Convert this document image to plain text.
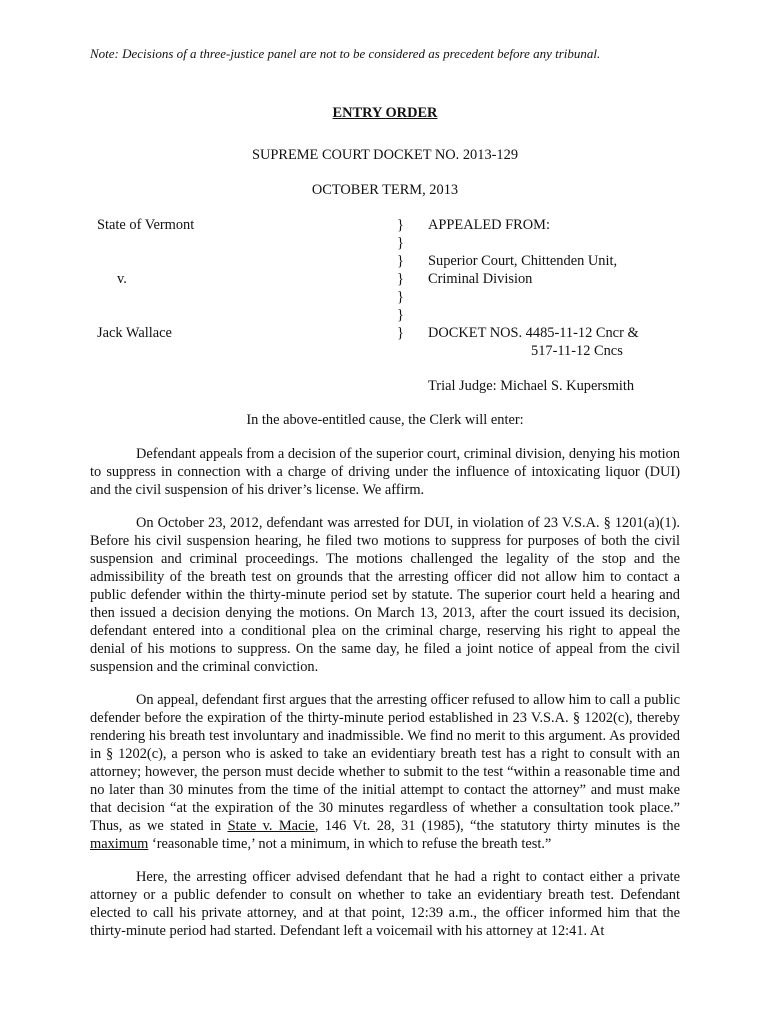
Note: Decisions of a three-justice panel are not to be considered as precedent before any tribunal.
ENTRY ORDER
SUPREME COURT DOCKET NO. 2013-129
OCTOBER TERM, 2013
State of Vermont
v.
Jack Wallace
}
}
}
}
}
}
}
APPEALED FROM:
Superior Court, Chittenden Unit,
Criminal Division
DOCKET NOS. 4485-11-12 Cncr &
517-11-12 Cncs
Trial Judge: Michael S. Kupersmith
In the above-entitled cause, the Clerk will enter:

Defendant appeals from a decision of the superior court, criminal division, denying his motion to suppress in connection with a charge of driving under the influence of intoxicating liquor (DUI) and the civil suspension of his driver’s license. We affirm.

On October 23, 2012, defendant was arrested for DUI, in violation of 23 V.S.A. § 1201(a)(1). Before his civil suspension hearing, he filed two motions to suppress for purposes of both the civil suspension and criminal proceedings. The motions challenged the legality of the stop and the admissibility of the breath test on grounds that the arresting officer did not allow him to contact a public defender within the thirty-minute period set by statute. The superior court held a hearing and then issued a decision denying the motions. On March 13, 2013, after the court issued its decision, defendant entered into a conditional plea on the criminal charge, reserving his right to appeal the denial of his motions to suppress. On the same day, he filed a joint notice of appeal from the civil suspension and the criminal conviction.

On appeal, defendant first argues that the arresting officer refused to allow him to call a public defender before the expiration of the thirty-minute period established in 23 V.S.A. § 1202(c), thereby rendering his breath test involuntary and inadmissible. We find no merit to this argument. As provided in § 1202(c), a person who is asked to take an evidentiary breath test has a right to consult with an attorney; however, the person must decide whether to submit to the test “within a reasonable time and no later than 30 minutes from the time of the initial attempt to contact the attorney” and must make that decision “at the expiration of the 30 minutes regardless of whether a consultation took place.” Thus, as we stated in State v. Macie, 146 Vt. 28, 31 (1985), “the statutory thirty minutes is the maximum ‘reasonable time,’ not a minimum, in which to refuse the breath test.”

Here, the arresting officer advised defendant that he had a right to contact either a private attorney or a public defender to consult on whether to take an evidentiary breath test. Defendant elected to call his private attorney, and at that point, 12:39 a.m., the officer informed him that the thirty-minute period had started. Defendant left a voicemail with his attorney at 12:41. At
